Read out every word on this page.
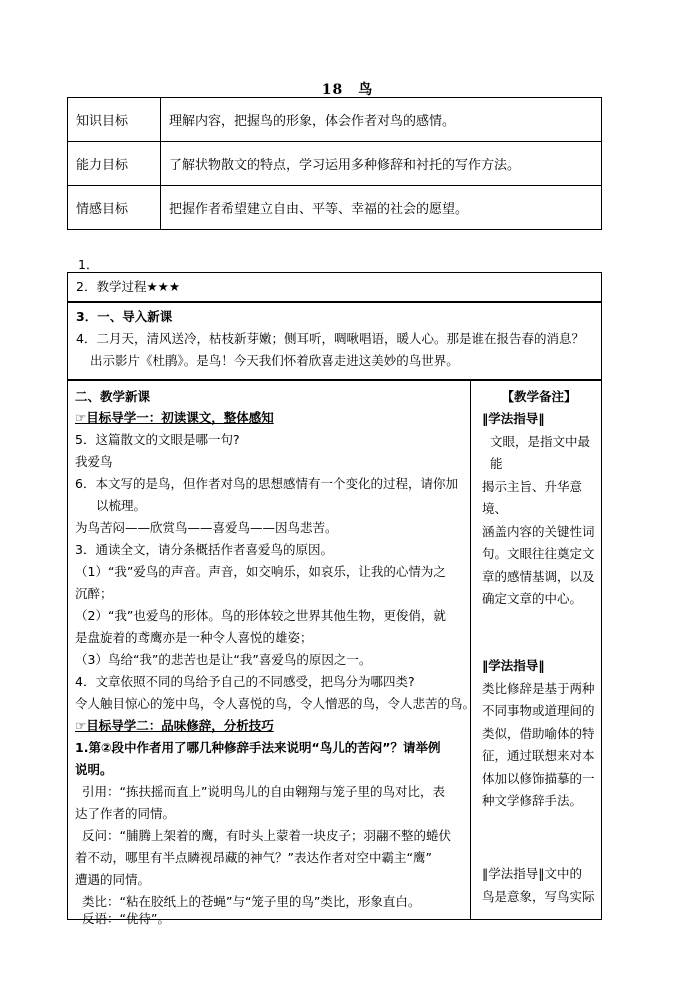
18　鸟
知识目标	理解内容，把握鸟的形象，体会作者对鸟的感情。
能力目标	了解状物散文的特点，学习运用多种修辞和衬托的写作方法。
情感目标	把握作者希望建立自由、平等、幸福的社会的愿望。
1．
2．教学过程★★★
3．一、导入新课
4．二月天，清风送冷，枯枝新芽嫩；侧耳听，啁啾唱语，暖人心。那是谁在报告春的消息？
出示影片《杜鹃》。是鸟！今天我们怀着欣喜走进这美妙的鸟世界。
二、教学新课
☞目标导学一：初读课文，整体感知
5．这篇散文的文眼是哪一句?
我爱鸟
6．本文写的是鸟，但作者对鸟的思想感情有一个变化的过程，请你加
以梳理。
为鸟苦闷——欣赏鸟——喜爱鸟——因鸟悲苦。
3．通读全文，请分条概括作者喜爱鸟的原因。
（1）“我”爱鸟的声音。声音，如交响乐，如哀乐，让我的心情为之
沉醉；
（2）“我”也爱鸟的形体。鸟的形体较之世界其他生物，更俊俏，就
是盘旋着的鸢鹰亦是一种令人喜悦的雄姿；
（3）鸟给“我”的悲苦也是让“我”喜爱鸟的原因之一。
4．文章依照不同的鸟给予自己的不同感受，把鸟分为哪四类?
令人触目惊心的笼中鸟，令人喜悦的鸟，令人憎恶的鸟，令人悲苦的鸟。
☞目标导学二：品味修辞，分析技巧
1.第②段中作者用了哪几种修辞手法来说明“鸟儿的苦闷”？请举例
说明。
引用：“拣扶摇而直上”说明鸟儿的自由翱翔与笼子里的鸟对比，表
达了作者的同情。
反问：“脯腾上架着的鹰，有时头上蒙着一块皮子；羽翮不整的蜷伏
着不动，哪里有半点瞵视昂藏的神气？”表达作者对空中霸主“鹰”
遭遇的同情。
类比：“粘在胶纸上的苍蝇”与“笼子里的鸟”类比，形象直白。
反语：“优待”。
【教学备注】
‖学法指导‖
文眼，是指文中最能
揭示主旨、升华意境、
涵盖内容的关键性词
句。文眼往往奠定文
章的感情基调，以及
确定文章的中心。
‖学法指导‖
类比修辞是基于两种
不同事物或道理间的
类似，借助喻体的特
征，通过联想来对本
体加以修饰描摹的一
种文学修辞手法。
‖学法指导‖文中的
鸟是意象，写鸟实际
